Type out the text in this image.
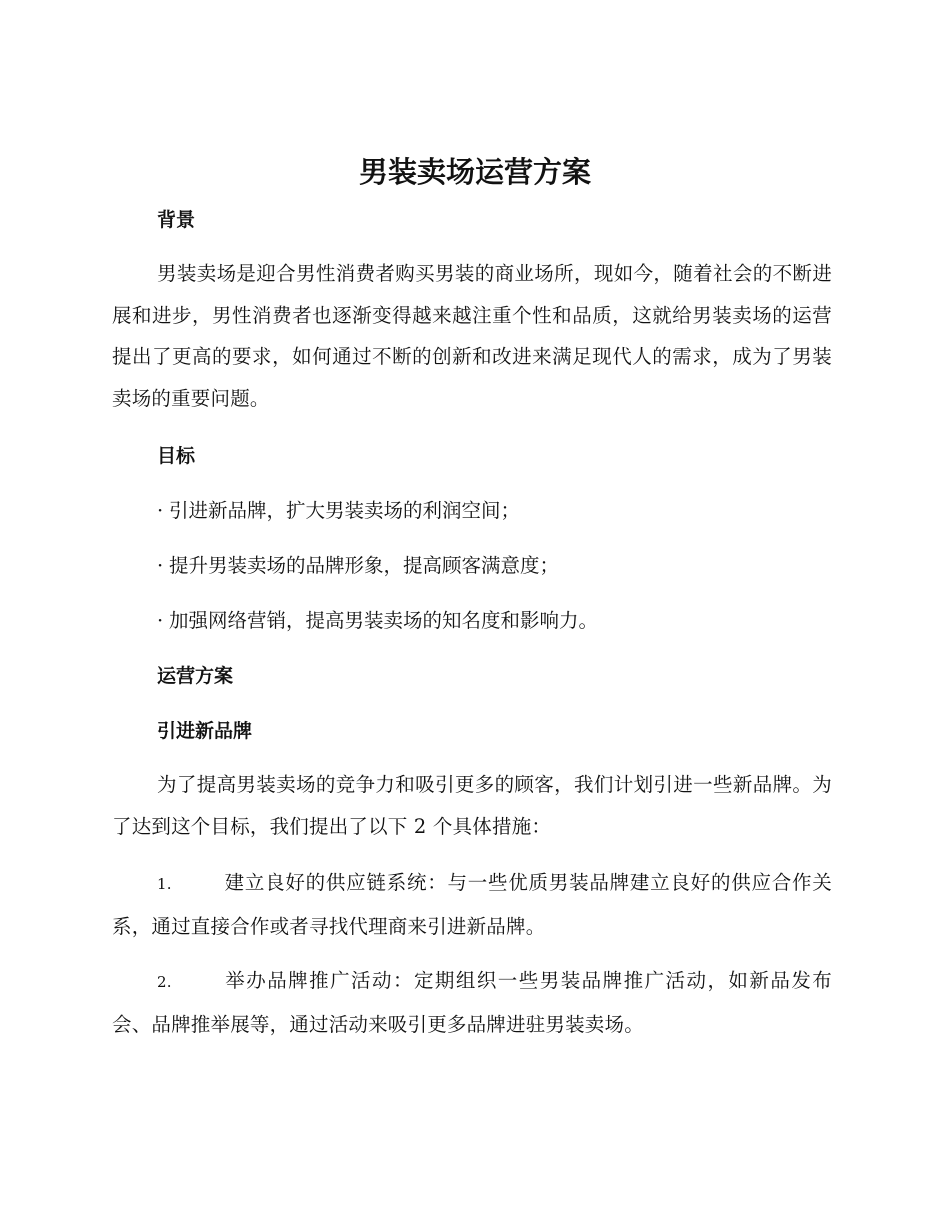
男装卖场运营方案
背景

男装卖场是迎合男性消费者购买男装的商业场所，现如今，随着社会的不断进展和进步，男性消费者也逐渐变得越来越注重个性和品质，这就给男装卖场的运营提出了更高的要求，如何通过不断的创新和改进来满足现代人的需求，成为了男装卖场的重要问题。

目标

· 引进新品牌，扩大男装卖场的利润空间；

· 提升男装卖场的品牌形象，提高顾客满意度；

· 加强网络营销，提高男装卖场的知名度和影响力。

运营方案
引进新品牌

为了提高男装卖场的竞争力和吸引更多的顾客，我们计划引进一些新品牌。为了达到这个目标，我们提出了以下 2 个具体措施：

1.	建立良好的供应链系统：与一些优质男装品牌建立良好的供应合作关系，通过直接合作或者寻找代理商来引进新品牌。

2.	举办品牌推广活动：定期组织一些男装品牌推广活动，如新品发布会、品牌推举展等，通过活动来吸引更多品牌进驻男装卖场。
